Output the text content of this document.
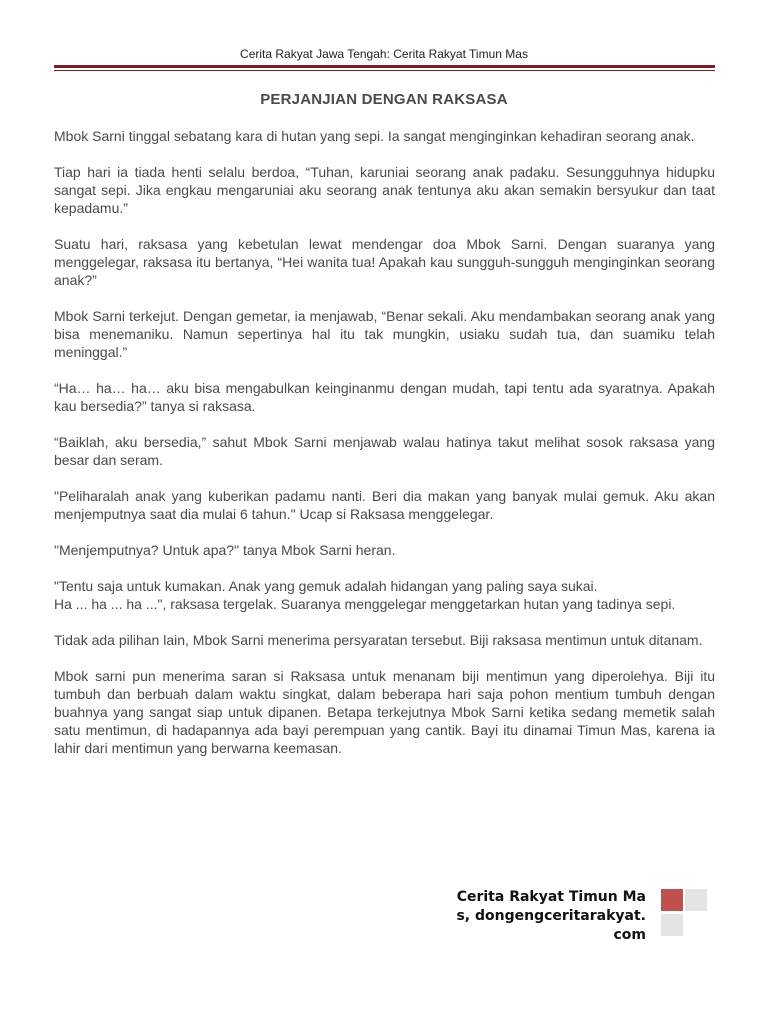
Cerita Rakyat Jawa Tengah: Cerita Rakyat Timun Mas
PERJANJIAN DENGAN RAKSASA

Mbok Sarni tinggal sebatang kara di hutan yang sepi. Ia sangat menginginkan kehadiran seorang anak.

Tiap hari ia tiada henti selalu berdoa, “Tuhan, karuniai seorang anak padaku. Sesungguhnya hidupku sangat sepi. Jika engkau mengaruniai aku seorang anak tentunya aku akan semakin bersyukur dan taat kepadamu.”

Suatu hari, raksasa yang kebetulan lewat mendengar doa Mbok Sarni. Dengan suaranya yang menggelegar, raksasa itu bertanya, “Hei wanita tua! Apakah kau sungguh-sungguh menginginkan seorang anak?”

Mbok Sarni terkejut. Dengan gemetar, ia menjawab, “Benar sekali. Aku mendambakan seorang anak yang bisa menemaniku. Namun sepertinya hal itu tak mungkin, usiaku sudah tua, dan suamiku telah meninggal.”

“Ha… ha… ha… aku bisa mengabulkan keinginanmu dengan mudah, tapi tentu ada syaratnya. Apakah kau bersedia?” tanya si raksasa.

“Baiklah, aku bersedia,” sahut Mbok Sarni menjawab walau hatinya takut melihat sosok raksasa yang besar dan seram.

"Peliharalah anak yang kuberikan padamu nanti. Beri dia makan yang banyak mulai gemuk. Aku akan menjemputnya saat dia mulai 6 tahun." Ucap si Raksasa menggelegar.

"Menjemputnya? Untuk apa?" tanya Mbok Sarni heran.

"Tentu saja untuk kumakan. Anak yang gemuk adalah hidangan yang paling saya sukai.
Ha ... ha ... ha ...", raksasa tergelak. Suaranya menggelegar menggetarkan hutan yang tadinya sepi.

Tidak ada pilihan lain, Mbok Sarni menerima persyaratan tersebut. Biji raksasa mentimun untuk ditanam.

Mbok sarni pun menerima saran si Raksasa untuk menanam biji mentimun yang diperolehya. Biji itu tumbuh dan berbuah dalam waktu singkat, dalam beberapa hari saja pohon mentium tumbuh dengan buahnya yang sangat siap untuk dipanen. Betapa terkejutnya Mbok Sarni ketika sedang memetik salah satu mentimun, di hadapannya ada bayi perempuan yang cantik. Bayi itu dinamai Timun Mas, karena ia lahir dari mentimun yang berwarna keemasan.

Cerita Rakyat Timun Mas, dongengceritarakyat.com
